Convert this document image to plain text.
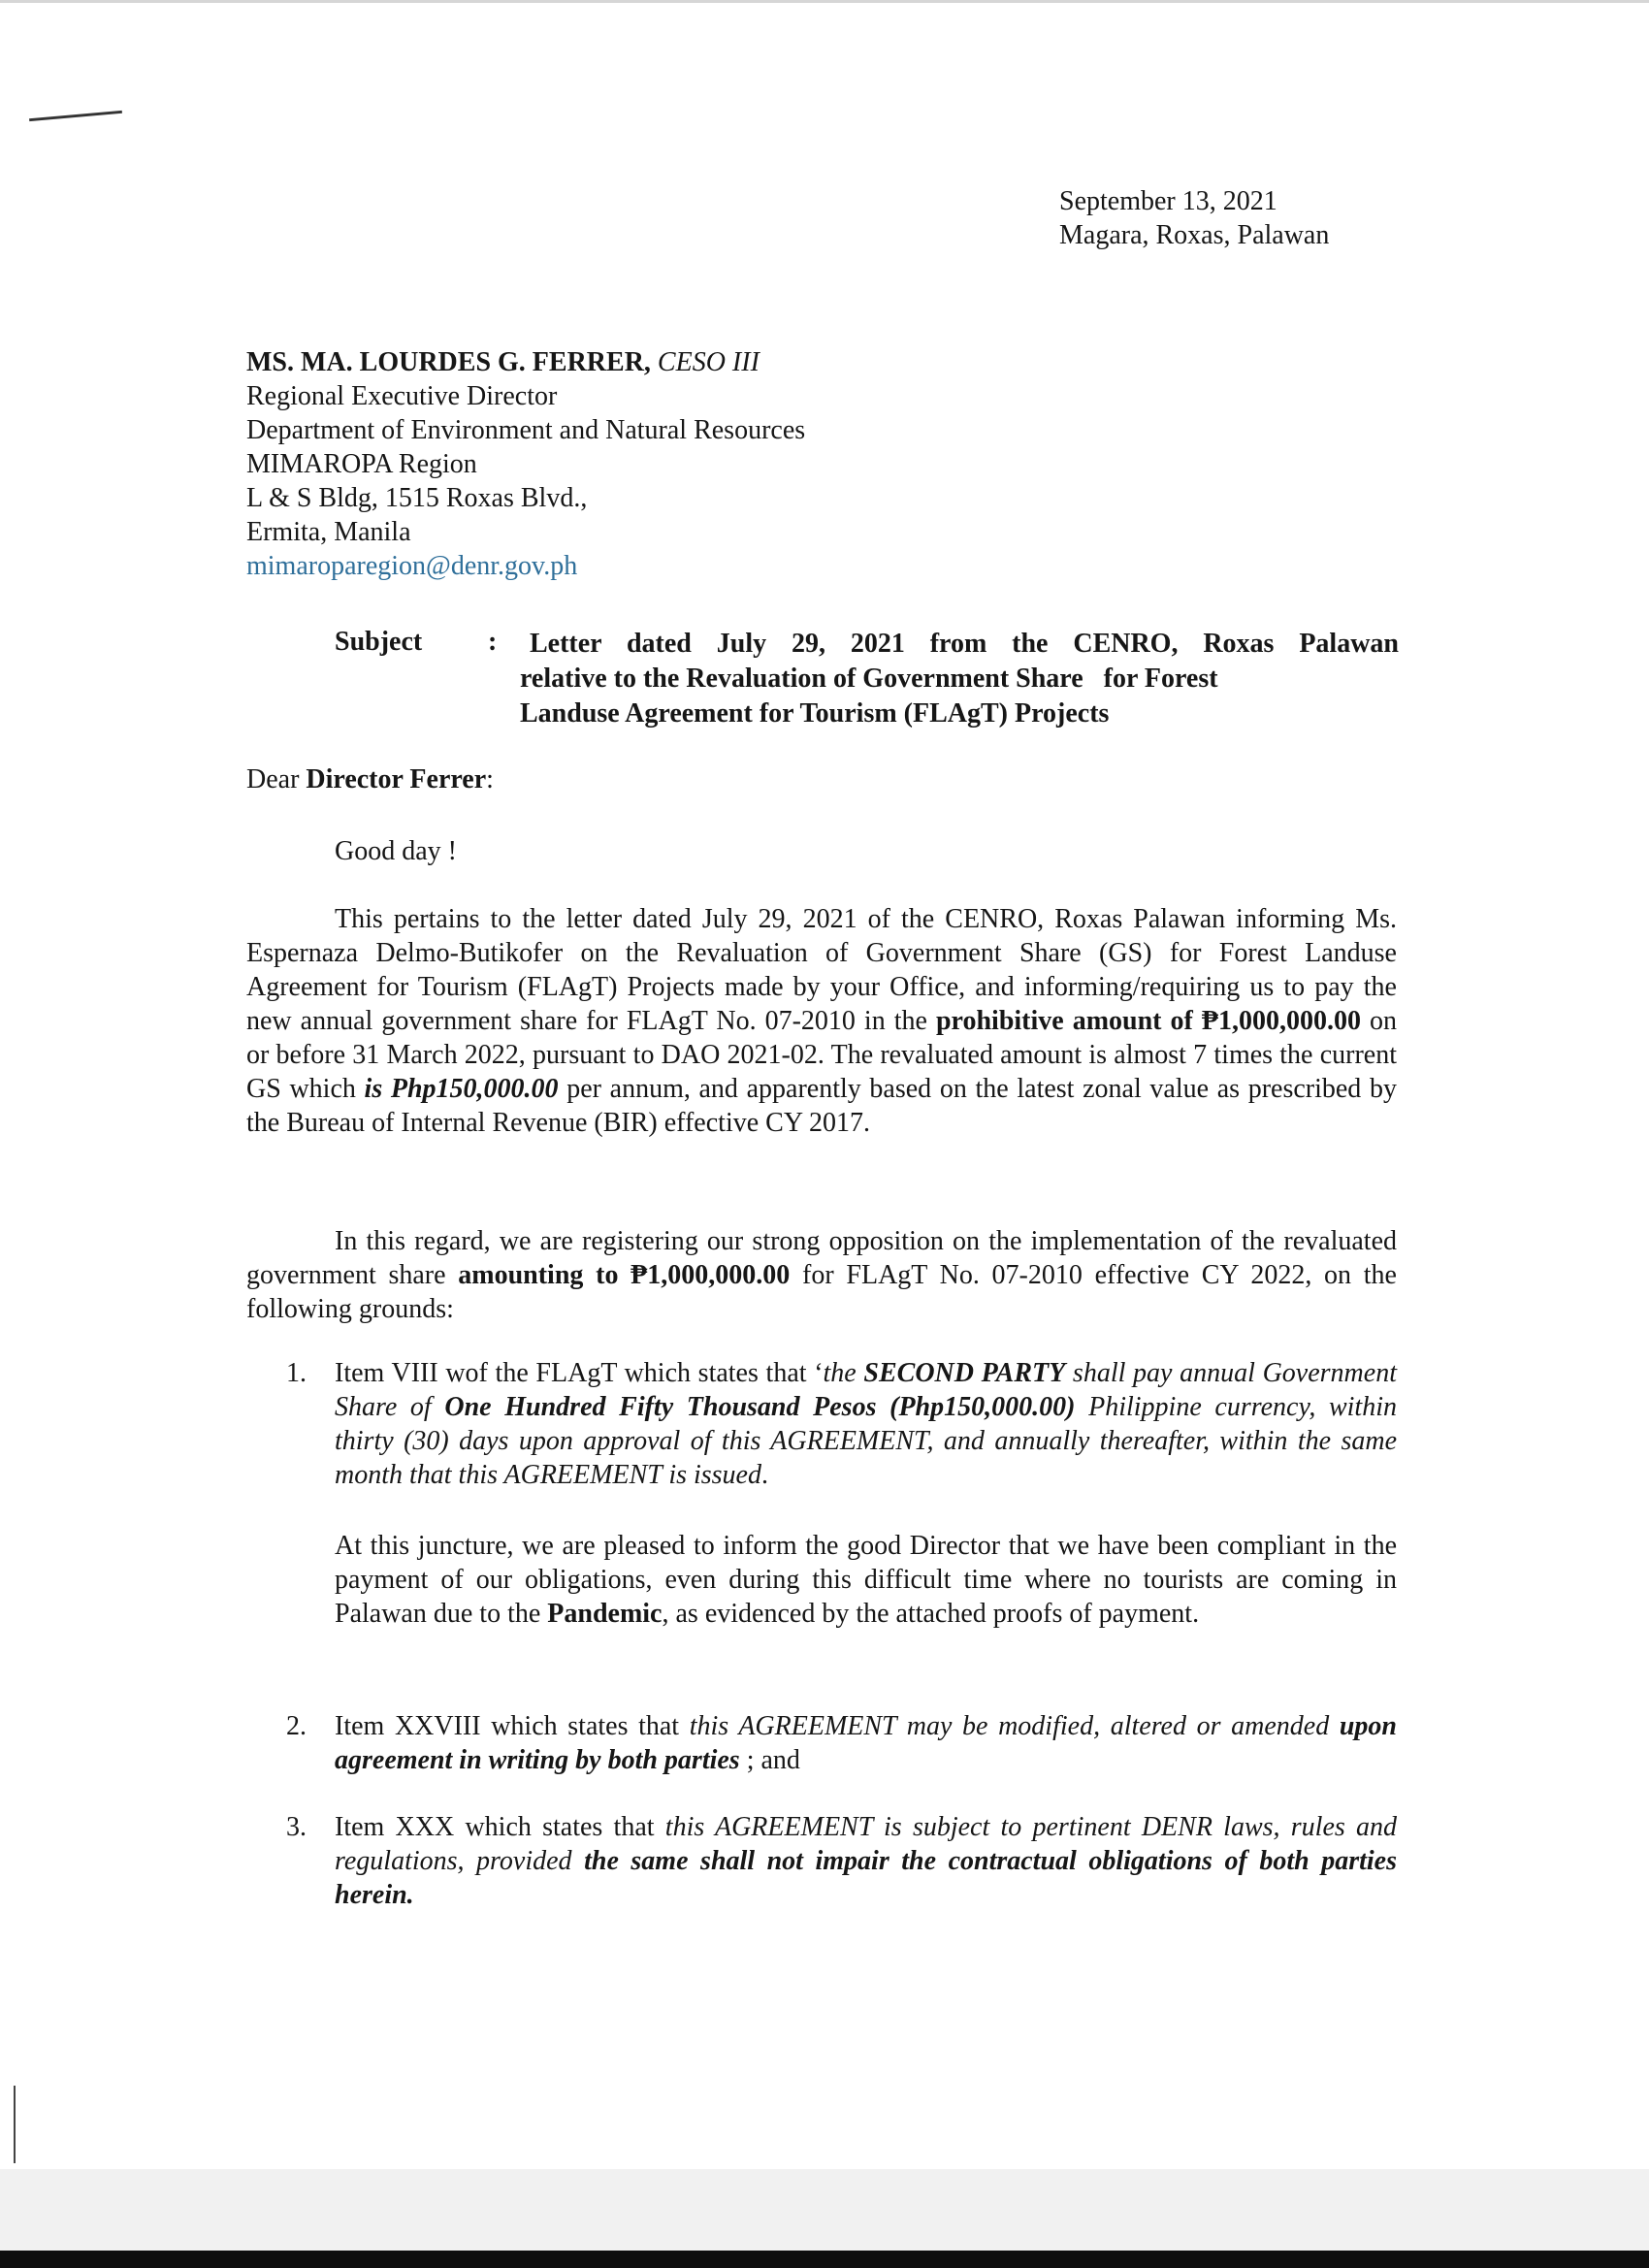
September 13, 2021
Magara, Roxas, Palawan
MS. MA. LOURDES G. FERRER, CESO III
Regional Executive Director
Department of Environment and Natural Resources
MIMAROPA Region
L & S Bldg, 1515 Roxas Blvd.,
Ermita, Manila
mimaroparegion@denr.gov.ph
Subject :	Letter dated July 29, 2021 from the CENRO, Roxas Palawan
relative to the Revaluation of Government Share   for Forest
Landuse Agreement for Tourism (FLAgT) Projects
Dear Director Ferrer:
Good day !
This pertains to the letter dated July 29, 2021 of the CENRO, Roxas Palawan informing Ms. Espernaza Delmo-Butikofer on the Revaluation of Government Share (GS) for Forest Landuse Agreement for Tourism (FLAgT) Projects made by your Office, and informing/requiring us to pay the new annual government share for FLAgT No. 07-2010 in the prohibitive amount of ₱1,000,000.00 on or before 31 March 2022, pursuant to DAO 2021-02. The revaluated amount is almost 7 times the current GS which is Php150,000.00 per annum, and apparently based on the latest zonal value as prescribed by the Bureau of Internal Revenue (BIR) effective CY 2017.
In this regard, we are registering our strong opposition on the implementation of the revaluated government share amounting to ₱1,000,000.00 for FLAgT No. 07-2010 effective CY 2022, on the following grounds:
1. Item VIII wof the FLAgT which states that ‘the SECOND PARTY shall pay annual Government Share of One Hundred Fifty Thousand Pesos (Php150,000.00) Philippine currency, within thirty (30) days upon approval of this AGREEMENT, and annually thereafter, within the same month that this AGREEMENT is issued.
At this juncture, we are pleased to inform the good Director that we have been compliant in the payment of our obligations, even during this difficult time where no tourists are coming in Palawan due to the Pandemic, as evidenced by the attached proofs of payment.
2. Item XXVIII which states that this AGREEMENT may be modified, altered or amended upon agreement in writing by both parties ; and
3. Item XXX which states that this AGREEMENT is subject to pertinent DENR laws, rules and regulations, provided the same shall not impair the contractual obligations of both parties herein.
